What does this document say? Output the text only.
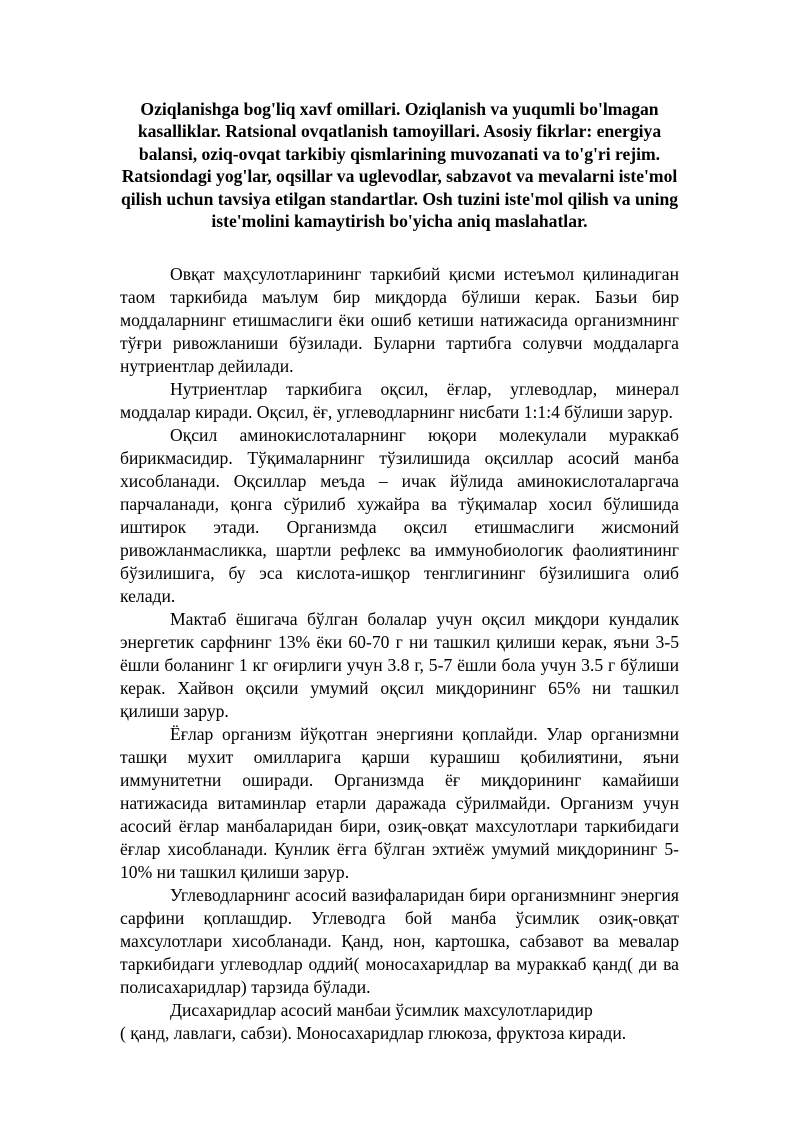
Oziqlanishga bog'liq xavf omillari. Oziqlanish va yuqumli bo'lmagan kasalliklar. Ratsional ovqatlanish tamoyillari. Asosiy fikrlar: energiya balansi, oziq-ovqat tarkibiy qismlarining muvozanati va to'g'ri rejim. Ratsiondagi yog'lar, oqsillar va uglevodlar, sabzavot va mevalarni iste'mol qilish uchun tavsiya etilgan standartlar. Osh tuzini iste'mol qilish va uning iste'molini kamaytirish bo'yicha aniq maslahatlar.

Овқат маҳсулотларининг таркибий қисми истеъмол қилинадиган таом таркибида маълум бир миқдорда бўлиши керак. Базьи бир моддаларнинг етишмаслиги ёки ошиб кетиши натижасида организмнинг тўғри ривожланиши бўзилади. Буларни тартибга солувчи моддаларга нутриентлар дейилади.

Нутриентлар таркибига оқсил, ёғлар, углеводлар, минерал моддалар киради. Оқсил, ёғ, углеводларнинг нисбати 1:1:4 бўлиши зарур.

Оқсил аминокислоталарнинг юқори молекулали мураккаб бирикмасидир. Тўқималарнинг тўзилишида оқсиллар асосий манба хисобланади. Оқсиллар меъда – ичак йўлида аминокислоталаргача парчаланади, қонга сўрилиб хужайра ва тўқималар хосил бўлишида иштирок этади. Организмда оқсил етишмаслиги жисмоний ривожланмасликка, шартли рефлекс ва иммунобиологик фаолиятининг бўзилишига, бу эса кислота-ишқор тенглигининг бўзилишига олиб келади.

Мактаб ёшигача бўлган болалар учун оқсил миқдори кундалик энергетик сарфнинг 13% ёки 60-70 г ни ташкил қилиши керак, яъни 3-5 ёшли боланинг 1 кг оғирлиги учун 3.8 г, 5-7 ёшли бола учун 3.5 г бўлиши керак. Хайвон оқсили умумий оқсил миқдорининг 65% ни ташкил қилиши зарур.

Ёғлар организм йўқотган энергияни қоплайди. Улар организмни ташқи мухит омилларига қарши курашиш қобилиятини, яъни иммунитетни оширади. Организмда ёғ миқдорининг камайиши натижасида витаминлар етарли даражада сўрилмайди. Организм учун асосий ёғлар манбаларидан бири, озиқ-овқат махсулотлари таркибидаги ёғлар хисобланади. Кунлик ёғга бўлган эхтиёж умумий миқдорининг 5-10% ни ташкил қилиши зарур.

Углеводларнинг асосий вазифаларидан бири организмнинг энергия сарфини қоплашдир. Углеводга бой манба ўсимлик озиқ-овқат махсулотлари хисобланади. Қанд, нон, картошка, сабзавот ва мевалар таркибидаги углеводлар оддий( моносахаридлар ва мураккаб қанд( ди ва полисахаридлар) тарзида бўлади.

Дисахаридлар асосий манбаи ўсимлик махсулотларидир
( қанд, лавлаги, сабзи). Моносахаридлар глюкоза, фруктоза киради.
